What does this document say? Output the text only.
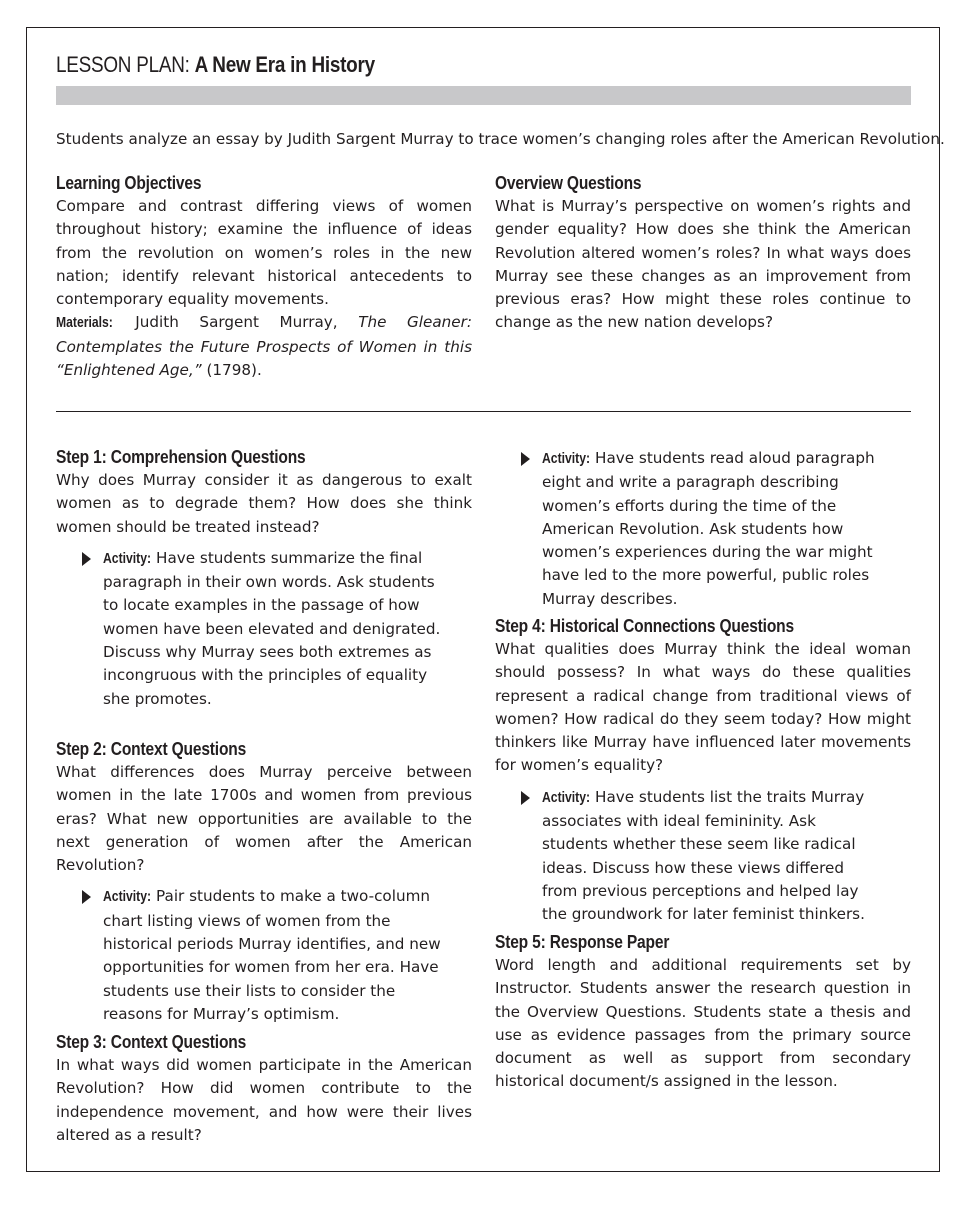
LESSON PLAN: A New Era in History

Students analyze an essay by Judith Sargent Murray to trace women’s changing roles after the American Revolution.

Learning Objectives

Compare and contrast differing views of women throughout history; examine the influence of ideas from the revolution on women’s roles in the new nation; identify relevant historical antecedents to contemporary equality movements.

Materials: Judith Sargent Murray, The Gleaner: Contemplates the Future Prospects of Women in this “Enlightened Age,” (1798).

Overview Questions

What is Murray’s perspective on women’s rights and gender equality? How does she think the American Revolution altered women’s roles? In what ways does Murray see these changes as an improvement from previous eras? How might these roles continue to change as the new nation develops?

Step 1: Comprehension Questions

Why does Murray consider it as dangerous to exalt women as to degrade them? How does she think women should be treated instead?

Activity: Have students summarize the final paragraph in their own words. Ask students to locate examples in the passage of how women have been elevated and denigrated. Discuss why Murray sees both extremes as incongruous with the principles of equality she promotes.

Step 2: Context Questions

What differences does Murray perceive between women in the late 1700s and women from previous eras? What new opportunities are available to the next generation of women after the American Revolution?

Activity: Pair students to make a two-column chart listing views of women from the historical periods Murray identifies, and new opportunities for women from her era. Have students use their lists to consider the reasons for Murray’s optimism.

Step 3: Context Questions

In what ways did women participate in the American Revolution? How did women contribute to the independence movement, and how were their lives altered as a result?

Activity: Have students read aloud paragraph eight and write a paragraph describing women’s efforts during the time of the American Revolution. Ask students how women’s experiences during the war might have led to the more powerful, public roles Murray describes.

Step 4: Historical Connections Questions

What qualities does Murray think the ideal woman should possess? In what ways do these qualities represent a radical change from traditional views of women? How radical do they seem today? How might thinkers like Murray have influenced later movements for women’s equality?

Activity: Have students list the traits Murray associates with ideal femininity. Ask students whether these seem like radical ideas. Discuss how these views differed from previous perceptions and helped lay the groundwork for later feminist thinkers.

Step 5: Response Paper

Word length and additional requirements set by Instructor. Students answer the research question in the Overview Questions. Students state a thesis and use as evidence passages from the primary source document as well as support from secondary historical document/s assigned in the lesson.
